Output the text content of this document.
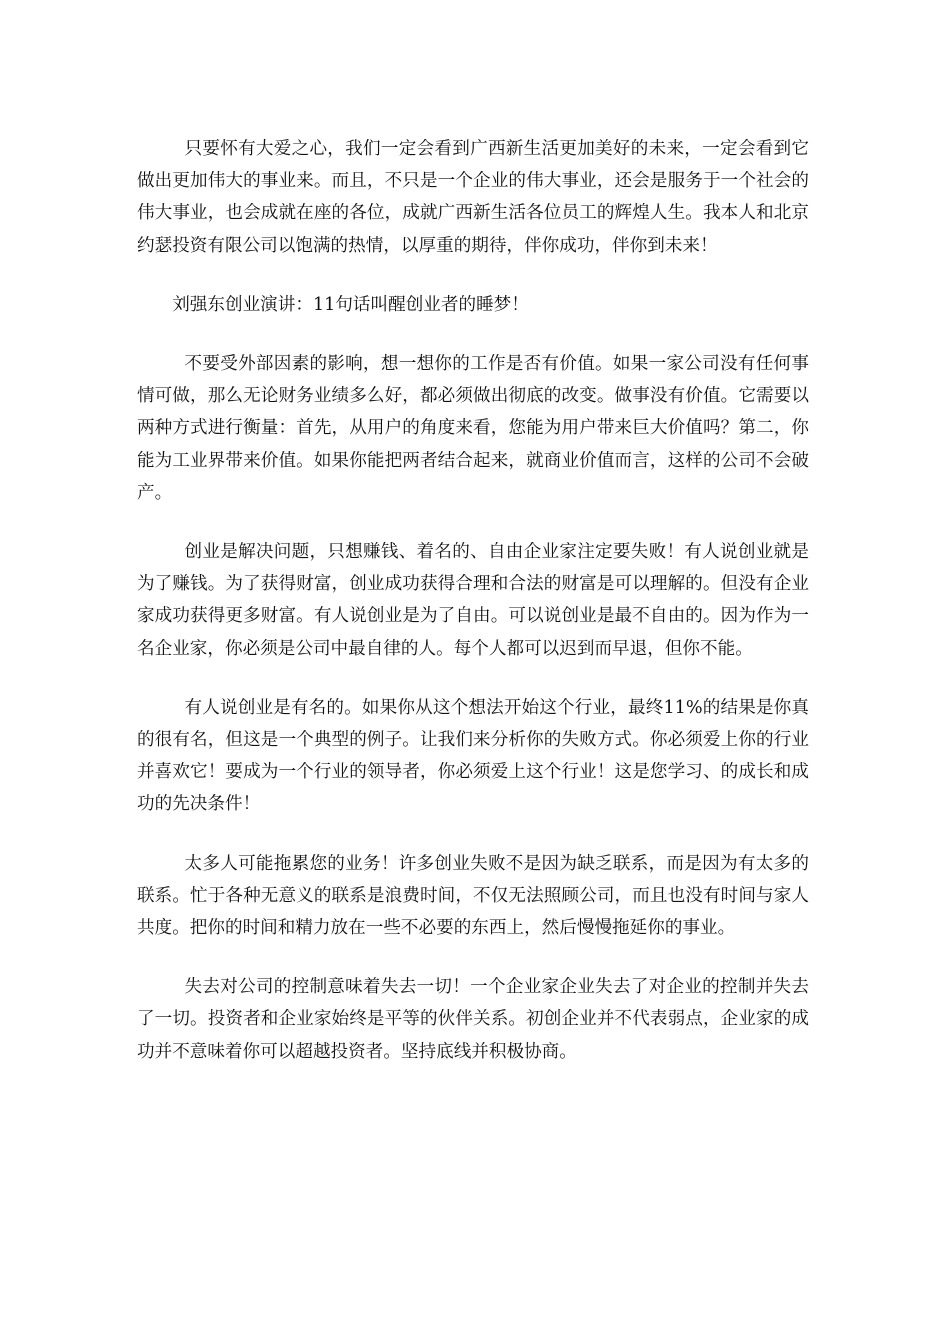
只要怀有大爱之心，我们一定会看到广西新生活更加美好的未来，一定会看到它做出更加伟大的事业来。而且，不只是一个企业的伟大事业，还会是服务于一个社会的伟大事业，也会成就在座的各位，成就广西新生活各位员工的辉煌人生。我本人和北京约瑟投资有限公司以饱满的热情，以厚重的期待，伴你成功，伴你到未来！

刘强东创业演讲：11句话叫醒创业者的睡梦！

不要受外部因素的影响，想一想你的工作是否有价值。如果一家公司没有任何事情可做，那么无论财务业绩多么好，都必须做出彻底的改变。做事没有价值。它需要以两种方式进行衡量：首先，从用户的角度来看，您能为用户带来巨大价值吗？第二，你能为工业界带来价值。如果你能把两者结合起来，就商业价值而言，这样的公司不会破产。

创业是解决问题，只想赚钱、着名的、自由企业家注定要失败！有人说创业就是为了赚钱。为了获得财富，创业成功获得合理和合法的财富是可以理解的。但没有企业家成功获得更多财富。有人说创业是为了自由。可以说创业是最不自由的。因为作为一名企业家，你必须是公司中最自律的人。每个人都可以迟到而早退，但你不能。

有人说创业是有名的。如果你从这个想法开始这个行业，最终11%的结果是你真的很有名，但这是一个典型的例子。让我们来分析你的失败方式。你必须爱上你的行业并喜欢它！要成为一个行业的领导者，你必须爱上这个行业！这是您学习、的成长和成功的先决条件！

太多人可能拖累您的业务！许多创业失败不是因为缺乏联系，而是因为有太多的联系。忙于各种无意义的联系是浪费时间，不仅无法照顾公司，而且也没有时间与家人共度。把你的时间和精力放在一些不必要的东西上，然后慢慢拖延你的事业。

失去对公司的控制意味着失去一切！一个企业家企业失去了对企业的控制并失去了一切。投资者和企业家始终是平等的伙伴关系。初创企业并不代表弱点，企业家的成功并不意味着你可以超越投资者。坚持底线并积极协商。
